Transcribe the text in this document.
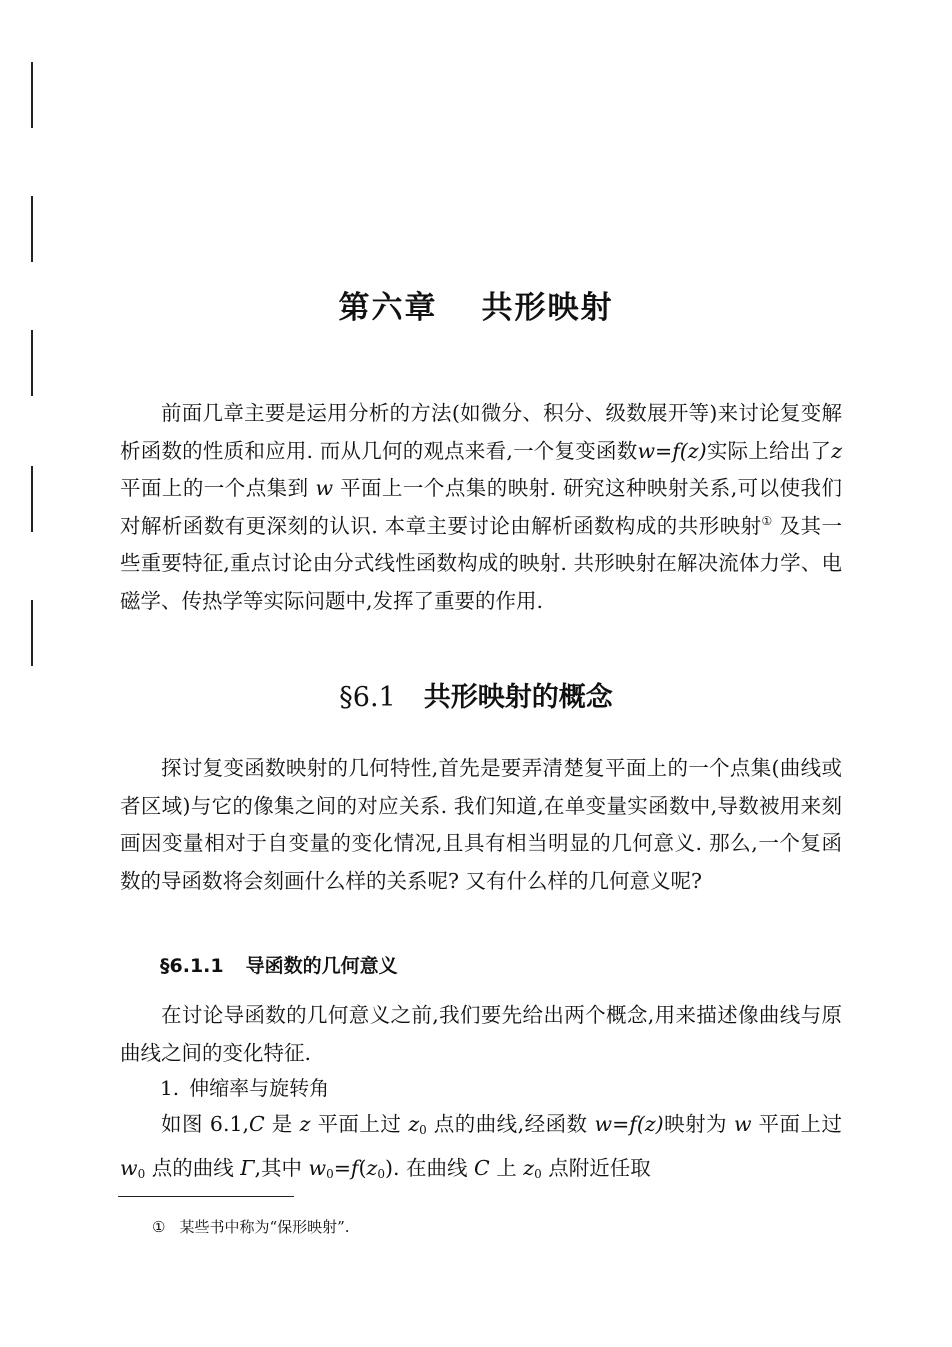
第六章 共形映射

前面几章主要是运用分析的方法(如微分、积分、级数展开等)来讨论复变解析函数的性质和应用. 而从几何的观点来看,一个复变函数w=f(z)实际上给出了z 平面上的一个点集到 w 平面上一个点集的映射. 研究这种映射关系,可以使我们对解析函数有更深刻的认识. 本章主要讨论由解析函数构成的共形映射① 及其一些重要特征,重点讨论由分式线性函数构成的映射. 共形映射在解决流体力学、电磁学、传热学等实际问题中,发挥了重要的作用.

§6.1 共形映射的概念

探讨复变函数映射的几何特性,首先是要弄清楚复平面上的一个点集(曲线或者区域)与它的像集之间的对应关系. 我们知道,在单变量实函数中,导数被用来刻画因变量相对于自变量的变化情况,且具有相当明显的几何意义. 那么,一个复函数的导函数将会刻画什么样的关系呢? 又有什么样的几何意义呢?

§6.1.1 导函数的几何意义

在讨论导函数的几何意义之前,我们要先给出两个概念,用来描述像曲线与原曲线之间的变化特征.

1. 伸缩率与旋转角

如图 6.1,C 是 z 平面上过 $z_0$ 点的曲线,经函数 w=f(z)映射为 w 平面上过 $w_0$ 点的曲线 Γ,其中 $w_0=f(z_0)$. 在曲线 C 上 $z_0$ 点附近任取

① 某些书中称为“保形映射”.
